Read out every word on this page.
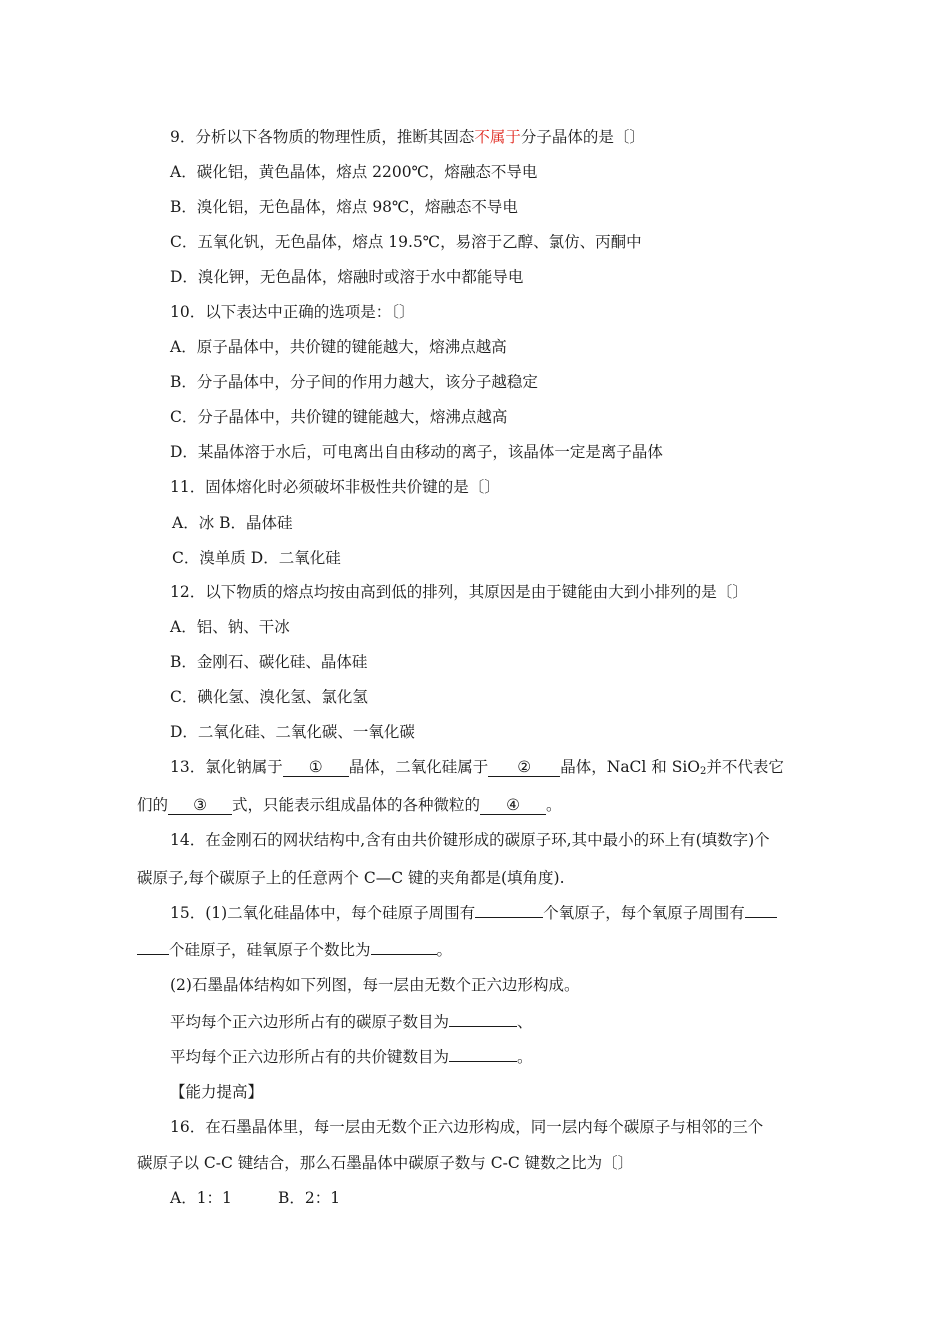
9．分析以下各物质的物理性质，推断其固态不属于分子晶体的是〔〕
A．碳化铝，黄色晶体，熔点 2200℃，熔融态不导电
B．溴化铝，无色晶体，熔点 98℃，熔融态不导电
C．五氧化钒，无色晶体，熔点 19.5℃，易溶于乙醇、氯仿、丙酮中
D．溴化钾，无色晶体，熔融时或溶于水中都能导电
10．以下表达中正确的选项是：〔〕
A．原子晶体中，共价键的键能越大，熔沸点越高
B．分子晶体中，分子间的作用力越大，该分子越稳定
C．分子晶体中，共价键的键能越大，熔沸点越高
D．某晶体溶于水后，可电离出自由移动的离子，该晶体一定是离子晶体
11．固体熔化时必须破坏非极性共价键的是〔〕
A．冰 B．晶体硅
C．溴单质 D．二氧化硅
12．以下物质的熔点均按由高到低的排列，其原因是由于键能由大到小排列的是〔〕
A．铝、钠、干冰
B．金刚石、碳化硅、晶体硅
C．碘化氢、溴化氢、氯化氢
D．二氧化硅、二氧化碳、一氧化碳
13．氯化钠属于 ① 晶体，二氧化硅属于 ② 晶体，NaCl 和 SiO$_2$并不代表它
们的 ③ 式，只能表示组成晶体的各种微粒的 ④ 。
14．在金刚石的网状结构中,含有由共价键形成的碳原子环,其中最小的环上有(填数字)个
碳原子,每个碳原子上的任意两个 C—C 键的夹角都是(填角度).
15．(1)二氧化硅晶体中，每个硅原子周围有	个氧原子，每个氧原子周围有
个硅原子，硅氧原子个数比为	。
(2)石墨晶体结构如下列图，每一层由无数个正六边形构成。
平均每个正六边形所占有的碳原子数目为	、
平均每个正六边形所占有的共价键数目为	。
【能力提高】
16．在石墨晶体里，每一层由无数个正六边形构成，同一层内每个碳原子与相邻的三个
碳原子以 C-C 键结合，那么石墨晶体中碳原子数与 C-C 键数之比为〔〕
A．1：1	B．2：1
